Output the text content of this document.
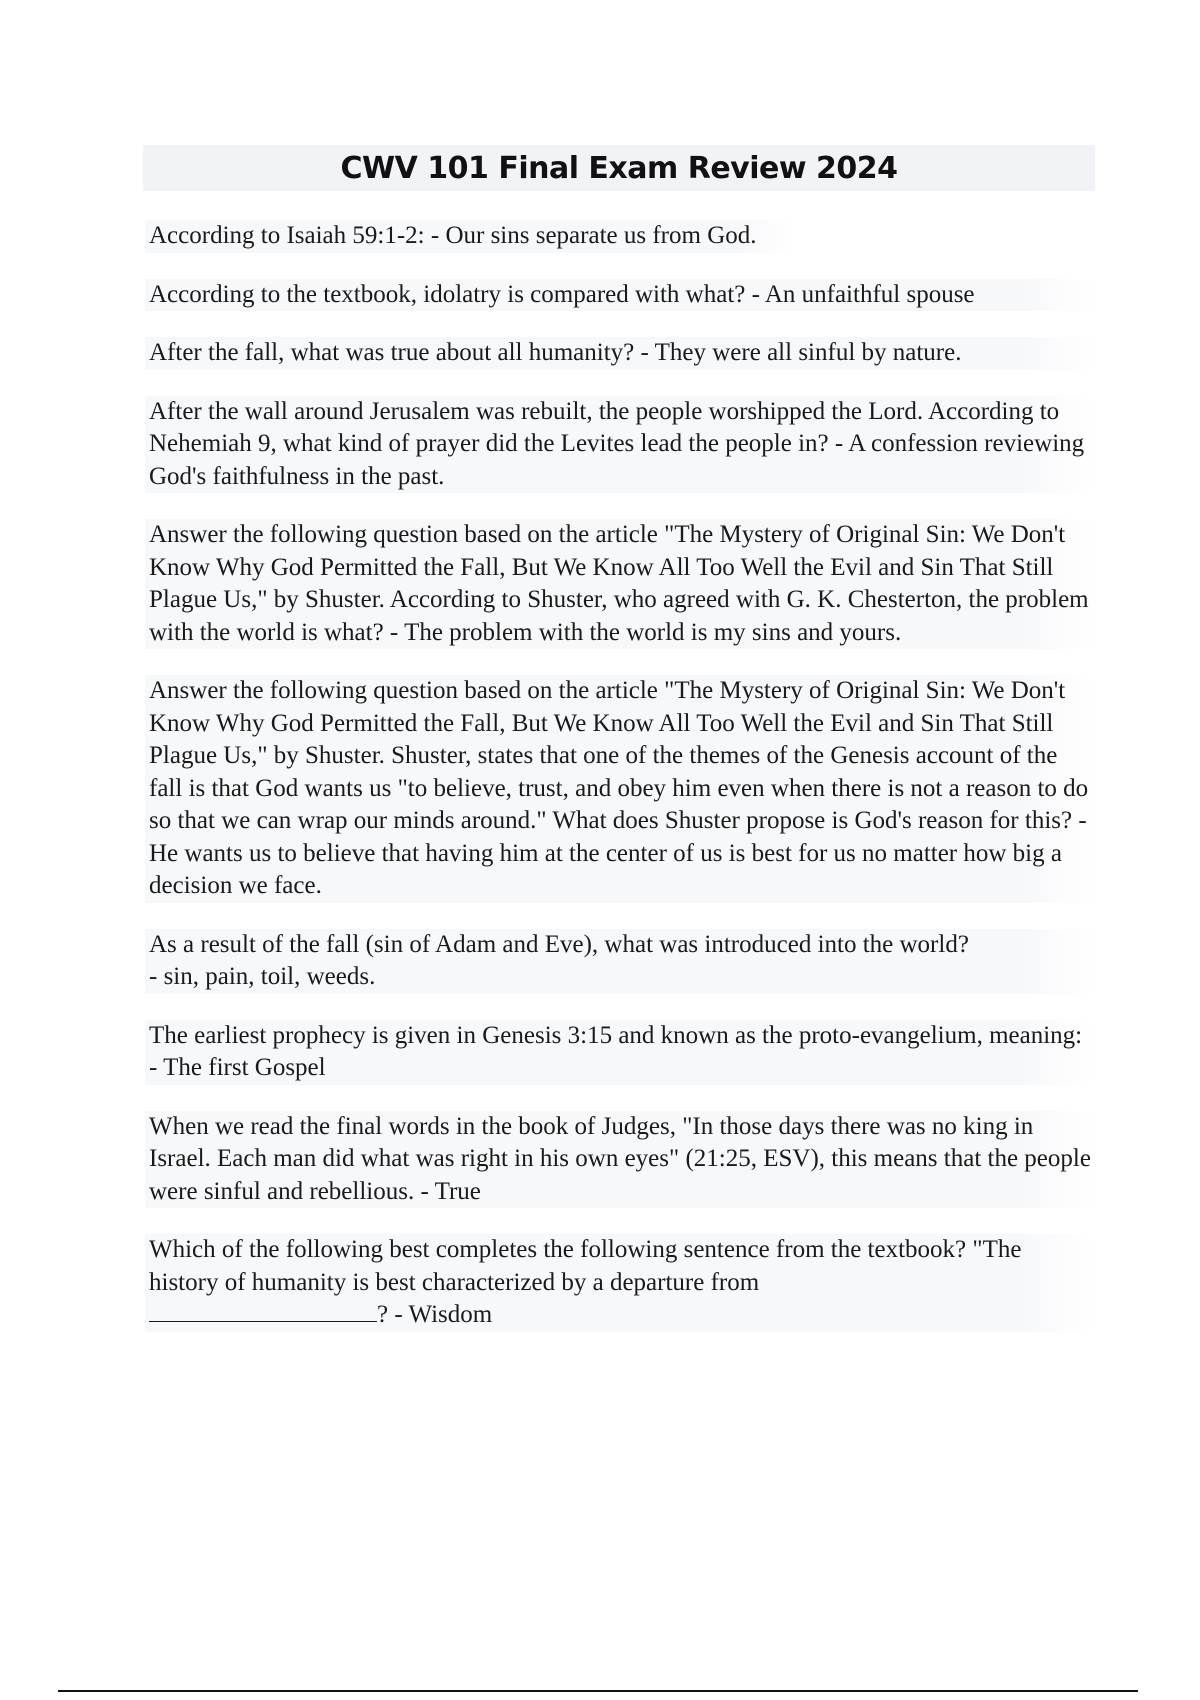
CWV 101 Final Exam Review 2024
According to Isaiah 59:1-2: - Our sins separate us from God.
According to the textbook, idolatry is compared with what? - An unfaithful spouse
After the fall, what was true about all humanity? - They were all sinful by nature.
After the wall around Jerusalem was rebuilt, the people worshipped the Lord. According to Nehemiah 9, what kind of prayer did the Levites lead the people in? - A confession reviewing God's faithfulness in the past.
Answer the following question based on the article "The Mystery of Original Sin: We Don't Know Why God Permitted the Fall, But We Know All Too Well the Evil and Sin That Still Plague Us," by Shuster. According to Shuster, who agreed with G. K. Chesterton, the problem with the world is what? - The problem with the world is my sins and yours.
Answer the following question based on the article "The Mystery of Original Sin: We Don't Know Why God Permitted the Fall, But We Know All Too Well the Evil and Sin That Still Plague Us," by Shuster. Shuster, states that one of the themes of the Genesis account of the fall is that God wants us "to believe, trust, and obey him even when there is not a reason to do so that we can wrap our minds around." What does Shuster propose is God's reason for this? - He wants us to believe that having him at the center of us is best for us no matter how big a decision we face.
As a result of the fall (sin of Adam and Eve), what was introduced into the world?
- sin, pain, toil, weeds.
The earliest prophecy is given in Genesis 3:15 and known as the proto-evangelium, meaning: - The first Gospel
When we read the final words in the book of Judges, "In those days there was no king in Israel. Each man did what was right in his own eyes" (21:25, ESV), this means that the people were sinful and rebellious. - True
Which of the following best completes the following sentence from the textbook? "The history of humanity is best characterized by a departure from
? - Wisdom
